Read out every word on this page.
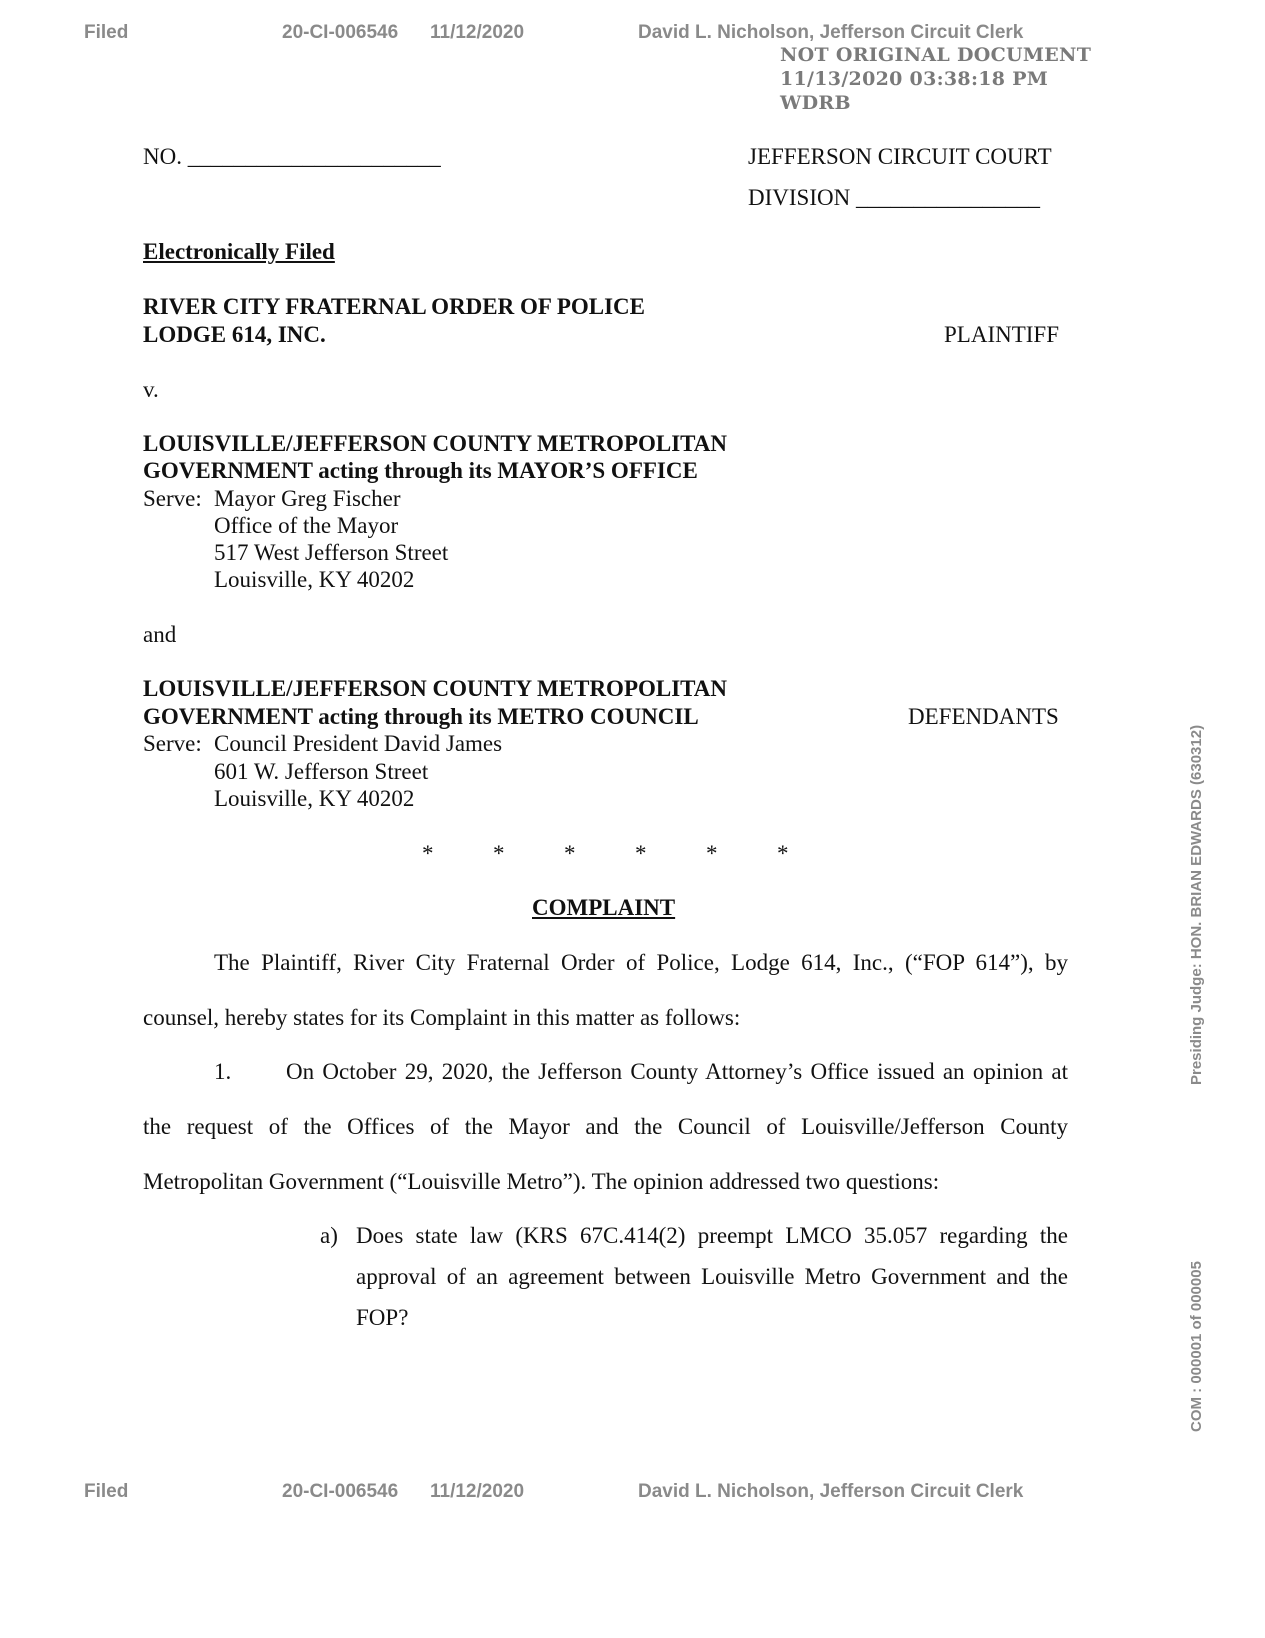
Filed	20-CI-006546 11/12/2020	David L. Nicholson, Jefferson Circuit Clerk
NOT ORIGINAL DOCUMENT
11/13/2020 03:38:18 PM
WDRB
NO. ______________________	JEFFERSON CIRCUIT COURT
DIVISION ________________
Electronically Filed
RIVER CITY FRATERNAL ORDER OF POLICE
LODGE 614, INC.	PLAINTIFF
v.
LOUISVILLE/JEFFERSON COUNTY METROPOLITAN
GOVERNMENT acting through its MAYOR’S OFFICE
Serve: Mayor Greg Fischer
Office of the Mayor
517 West Jefferson Street
Louisville, KY 40202
and
LOUISVILLE/JEFFERSON COUNTY METROPOLITAN
GOVERNMENT acting through its METRO COUNCIL	DEFENDANTS
Serve: Council President David James
601 W. Jefferson Street
Louisville, KY 40202
*	*	*	*	*	*
COMPLAINT
The Plaintiff, River City Fraternal Order of Police, Lodge 614, Inc., (“FOP 614”), by
counsel, hereby states for its Complaint in this matter as follows:
1. On October 29, 2020, the Jefferson County Attorney’s Office issued an opinion at
the request of the Offices of the Mayor and the Council of Louisville/Jefferson County
Metropolitan Government (“Louisville Metro”). The opinion addressed two questions:
a) Does state law (KRS 67C.414(2) preempt LMCO 35.057 regarding the
approval of an agreement between Louisville Metro Government and the
FOP?
Presiding Judge: HON. BRIAN EDWARDS (630312)
COM : 000001 of 000005
Filed	20-CI-006546 11/12/2020	David L. Nicholson, Jefferson Circuit Clerk
